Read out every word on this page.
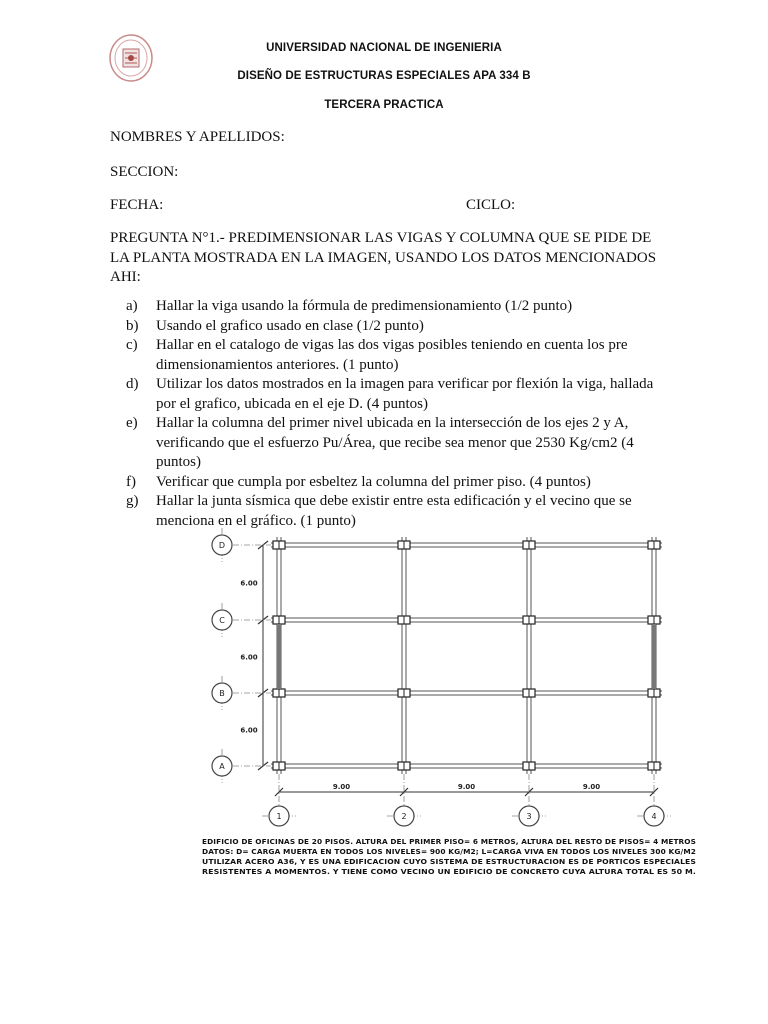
UNIVERSIDAD NACIONAL DE INGENIERIA
DISEÑO DE ESTRUCTURAS ESPECIALES APA 334 B
TERCERA PRACTICA
NOMBRES Y APELLIDOS:
SECCION:
FECHA:	CICLO:
PREGUNTA N°1.- PREDIMENSIONAR LAS VIGAS Y COLUMNA QUE SE PIDE DE LA PLANTA MOSTRADA EN LA IMAGEN, USANDO LOS DATOS MENCIONADOS AHI:
a) Hallar la viga usando la fórmula de predimensionamiento (1/2 punto)
b) Usando el grafico usado en clase (1/2 punto)
c) Hallar en el catalogo de vigas las dos vigas posibles teniendo en cuenta los pre dimensionamientos anteriores. (1 punto)
d) Utilizar los datos mostrados en la imagen para verificar por flexión la viga, hallada por el grafico, ubicada en el eje D. (4 puntos)
e) Hallar la columna del primer nivel ubicada en la intersección de los ejes 2 y A, verificando que el esfuerzo Pu/Área, que recibe sea menor que 2530 Kg/cm2 (4 puntos)
f) Verificar que cumpla por esbeltez la columna del primer piso. (4 puntos)
g) Hallar la junta sísmica que debe existir entre esta edificación y el vecino que se menciona en el gráfico. (1 punto)
6.00
6.00
6.00
9.00	9.00	9.00
D
C
B
A
1	2	3	4
EDIFICIO DE OFICINAS DE 20 PISOS. ALTURA DEL PRIMER PISO= 6 METROS, ALTURA DEL RESTO DE PISOS= 4 METROS
DATOS: D= CARGA MUERTA EN TODOS LOS NIVELES= 900 KG/M2; L=CARGA VIVA EN TODOS LOS NIVELES 300 KG/M2
UTILIZAR ACERO A36, Y ES UNA EDIFICACION CUYO SISTEMA DE ESTRUCTURACION ES DE PORTICOS ESPECIALES
RESISTENTES A MOMENTOS. Y TIENE COMO VECINO UN EDIFICIO DE CONCRETO CUYA ALTURA TOTAL ES 50 M.
